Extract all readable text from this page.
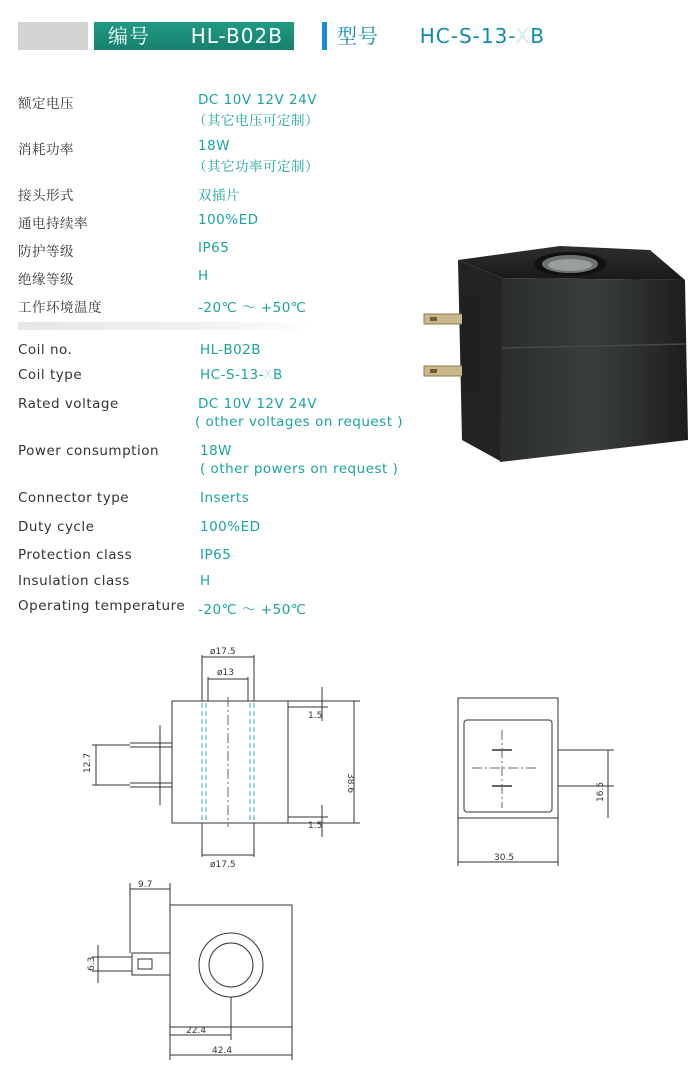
编号 HL-B02B	型号 HC-S-13-XB
额定电压	DC 10V 12V 24V
（其它电压可定制）
消耗功率	18W
（其它功率可定制）
接头形式	双插片
通电持续率	100%ED
防护等级	IP65
绝缘等级	H
工作环境温度	-20℃ ～ +50℃
Coil no.	HL-B02B
Coil type	HC-S-13-XB
Rated voltage	DC 10V 12V 24V
( other voltages on request )
Power consumption	18W
( other powers on request )
Connector type	Inserts
Duty cycle	100%ED
Protection class	IP65
Insulation class	H
Operating temperature -20℃ ～ +50℃
ø17.5
ø13
ø17.5
1.5
1.5
38.6
12.7
30.5
16.5
9.7
6.3
22.4
42.4
